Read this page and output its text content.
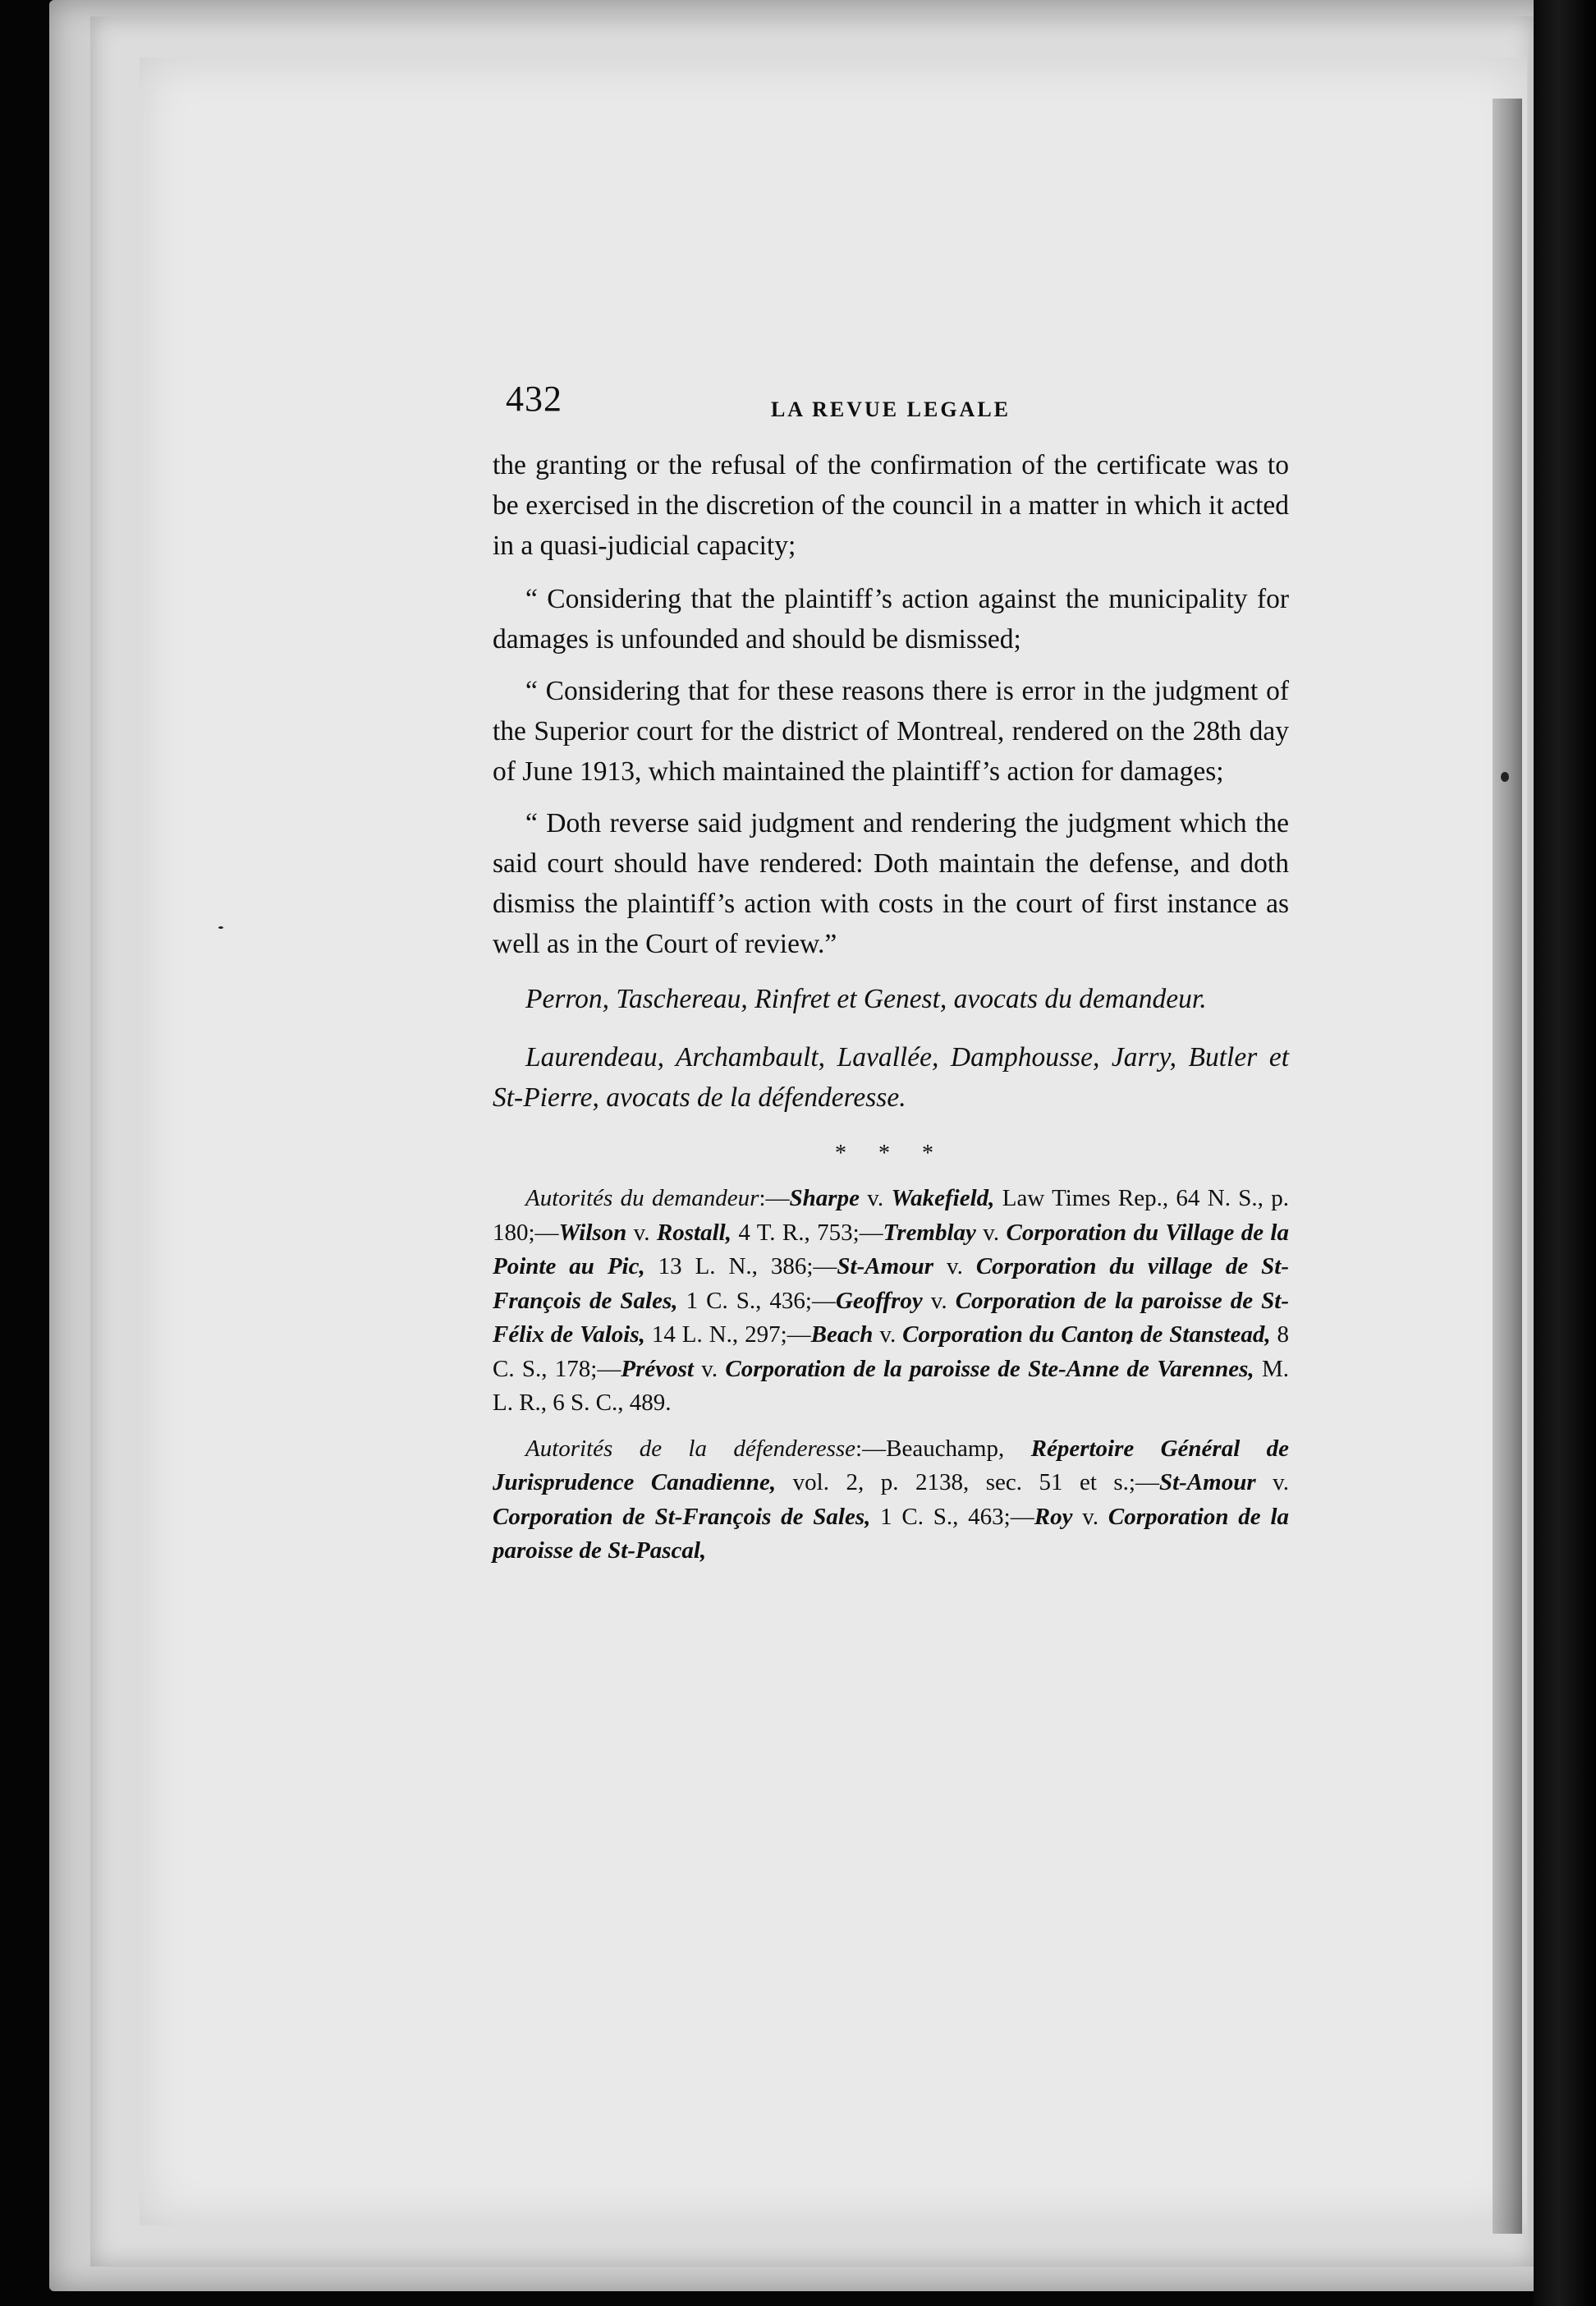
432	LA REVUE LEGALE

the granting or the refusal of the confirmation of the certificate was to be exercised in the discretion of the council in a matter in which it acted in a quasi-judicial capacity;

“ Considering that the plaintiff’s action against the municipality for damages is unfounded and should be dismissed;

“ Considering that for these reasons there is error in the judgment of the Superior court for the district of Montreal, rendered on the 28th day of June 1913, which maintained the plaintiff’s action for damages;

“ Doth reverse said judgment and rendering the judgment which the said court should have rendered: Doth maintain the defense, and doth dismiss the plaintiff’s action with costs in the court of first instance as well as in the Court of review.”

Perron, Taschereau, Rinfret et Genest, avocats du demandeur.

Laurendeau, Archambault, Lavallée, Damphousse, Jarry, Butler et St-Pierre, avocats de la défenderesse.

* * *

Autorités du demandeur:—Sharpe v. Wakefield, Law Times Rep., 64 N. S., p. 180;—Wilson v. Rostall, 4 T. R., 753;—Tremblay v. Corporation du Village de la Pointe au Pic, 13 L. N., 386;—St-Amour v. Corporation du village de St-François de Sales, 1 C. S., 436;—Geoffroy v. Corporation de la paroisse de St-Félix de Valois, 14 L. N., 297;—Beach v. Corporation du Canton de Stanstead, 8 C. S., 178;—Prévost v. Corporation de la paroisse de Ste-Anne de Varennes, M. L. R., 6 S. C., 489.

Autorités de la défenderesse:—Beauchamp, Répertoire Général de Jurisprudence Canadienne, vol. 2, p. 2138, sec. 51 et s.;—St-Amour v. Corporation de St-François de Sales, 1 C. S., 463;—Roy v. Corporation de la paroisse de St-Pascal,
